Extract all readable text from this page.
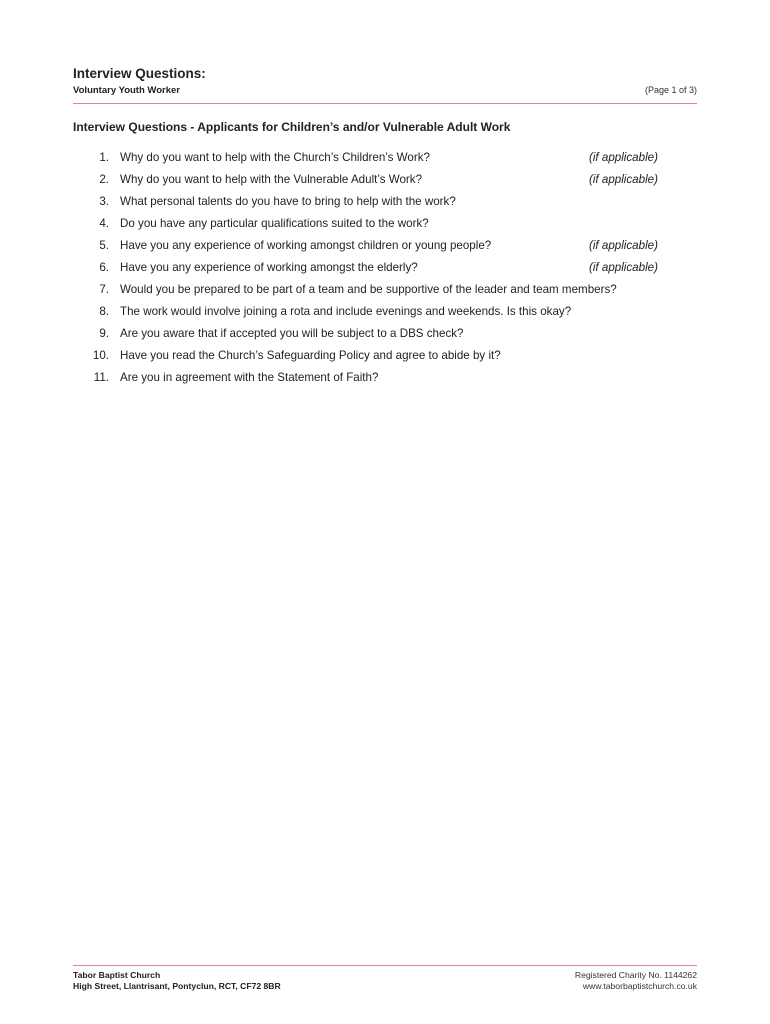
Interview Questions:
Voluntary Youth Worker	(Page 1 of 3)
Interview Questions - Applicants for Children’s and/or Vulnerable Adult Work
1. Why do you want to help with the Church’s Children’s Work?	(if applicable)
2. Why do you want to help with the Vulnerable Adult’s Work?	(if applicable)
3. What personal talents do you have to bring to help with the work?
4. Do you have any particular qualifications suited to the work?
5. Have you any experience of working amongst children or young people?	(if applicable)
6. Have you any experience of working amongst the elderly?	(if applicable)
7. Would you be prepared to be part of a team and be supportive of the leader and team members?
8. The work would involve joining a rota and include evenings and weekends. Is this okay?
9. Are you aware that if accepted you will be subject to a DBS check?
10. Have you read the Church’s Safeguarding Policy and agree to abide by it?
11. Are you in agreement with the Statement of Faith?
Tabor Baptist Church
High Street, Llantrisant, Pontyclun, RCT, CF72 8BR
Registered Charity No. 1144262
www.taborbaptistchurch.co.uk
